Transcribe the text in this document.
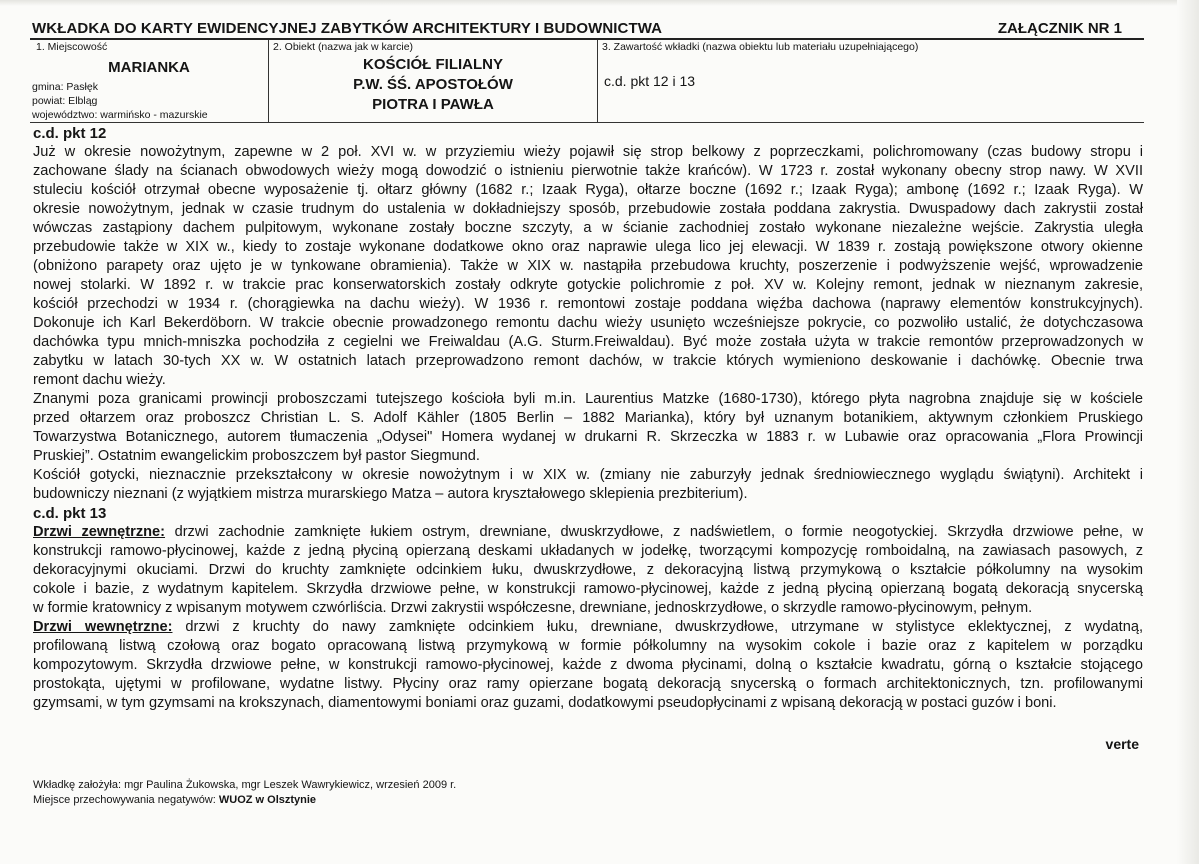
WKŁADKA DO KARTY EWIDENCYJNEJ ZABYTKÓW ARCHITEKTURY I BUDOWNICTWA	ZAŁĄCZNIK NR 1
1. Miejscowość
MARIANKA
gmina: Pasłęk
powiat: Elbląg
województwo: warmińsko - mazurskie
2. Obiekt (nazwa jak w karcie)
KOŚCIÓŁ FILIALNY
P.W. ŚŚ. APOSTOŁÓW
PIOTRA I PAWŁA
3. Zawartość wkładki (nazwa obiektu lub materiału uzupełniającego)
c.d. pkt 12 i 13
c.d. pkt 12
Już w okresie nowożytnym, zapewne w 2 poł. XVI w. w przyziemiu wieży pojawił się strop belkowy z poprzeczkami, polichromowany (czas budowy stropu i
zachowane ślady na ścianach obwodowych wieży mogą dowodzić o istnieniu pierwotnie także krańców). W 1723 r. został wykonany obecny strop nawy. W XVII
stuleciu kościół otrzymał obecne wyposażenie tj. ołtarz główny (1682 r.; Izaak Ryga), ołtarze boczne (1692 r.; Izaak Ryga); ambonę (1692 r.; Izaak Ryga). W
okresie nowożytnym, jednak w czasie trudnym do ustalenia w dokładniejszy sposób, przebudowie została poddana zakrystia. Dwuspadowy dach zakrystii został
wówczas zastąpiony dachem pulpitowym, wykonane zostały boczne szczyty, a w ścianie zachodniej zostało wykonane niezależne wejście. Zakrystia uległa
przebudowie także w XIX w., kiedy to zostaje wykonane dodatkowe okno oraz naprawie ulega lico jej elewacji. W 1839 r. zostają powiększone otwory okienne
(obniżono parapety oraz ujęto je w tynkowane obramienia). Także w XIX w. nastąpiła przebudowa kruchty, poszerzenie i podwyższenie wejść, wprowadzenie
nowej stolarki. W 1892 r. w trakcie prac konserwatorskich zostały odkryte gotyckie polichromie z poł. XV w. Kolejny remont, jednak w nieznanym zakresie,
kościół przechodzi w 1934 r. (chorągiewka na dachu wieży). W 1936 r. remontowi zostaje poddana więźba dachowa (naprawy elementów konstrukcyjnych).
Dokonuje ich Karl Bekerdöborn. W trakcie obecnie prowadzonego remontu dachu wieży usunięto wcześniejsze pokrycie, co pozwoliło ustalić, że dotychczasowa
dachówka typu mnich-mniszka pochodziła z cegielni we Freiwaldau (A.G. Sturm.Freiwaldau). Być może została użyta w trakcie remontów przeprowadzonych w
zabytku w latach 30-tych XX w. W ostatnich latach przeprowadzono remont dachów, w trakcie których wymieniono deskowanie i dachówkę. Obecnie trwa
remont dachu wieży.
Znanymi poza granicami prowincji proboszczami tutejszego kościoła byli m.in. Laurentius Matzke (1680-1730), którego płyta nagrobna znajduje się w kościele
przed ołtarzem oraz proboszcz Christian L. S. Adolf Kähler (1805 Berlin – 1882 Marianka), który był uznanym botanikiem, aktywnym członkiem Pruskiego
Towarzystwa Botanicznego, autorem tłumaczenia „Odysei" Homera wydanej w drukarni R. Skrzeczka w 1883 r. w Lubawie oraz opracowania „Flora Prowincji
Pruskiej”. Ostatnim ewangelickim proboszczem był pastor Siegmund.
Kościół gotycki, nieznacznie przekształcony w okresie nowożytnym i w XIX w. (zmiany nie zaburzyły jednak średniowiecznego wyglądu świątyni). Architekt i
budowniczy nieznani (z wyjątkiem mistrza murarskiego Matza – autora kryształowego sklepienia prezbiterium).
c.d. pkt 13
Drzwi zewnętrzne: drzwi zachodnie zamknięte łukiem ostrym, drewniane, dwuskrzydłowe, z nadświetlem, o formie neogotyckiej. Skrzydła drzwiowe pełne, w
konstrukcji ramowo-płycinowej, każde z jedną płyciną opierzaną deskami układanych w jodełkę, tworzącymi kompozycję romboidalną, na zawiasach pasowych, z
dekoracyjnymi okuciami. Drzwi do kruchty zamknięte odcinkiem łuku, dwuskrzydłowe, z dekoracyjną listwą przymykową o kształcie półkolumny na wysokim
cokole i bazie, z wydatnym kapitelem. Skrzydła drzwiowe pełne, w konstrukcji ramowo-płycinowej, każde z jedną płyciną opierzaną bogatą dekoracją snycerską
w formie kratownicy z wpisanym motywem czwórliścia. Drzwi zakrystii współczesne, drewniane, jednoskrzydłowe, o skrzydle ramowo-płycinowym, pełnym.
Drzwi wewnętrzne: drzwi z kruchty do nawy zamknięte odcinkiem łuku, drewniane, dwuskrzydłowe, utrzymane w stylistyce eklektycznej, z wydatną,
profilowaną listwą czołową oraz bogato opracowaną listwą przymykową w formie półkolumny na wysokim cokole i bazie oraz z kapitelem w porządku
kompozytowym. Skrzydła drzwiowe pełne, w konstrukcji ramowo-płycinowej, każde z dwoma płycinami, dolną o kształcie kwadratu, górną o kształcie stojącego
prostokąta, ujętymi w profilowane, wydatne listwy. Płyciny oraz ramy opierzane bogatą dekoracją snycerską o formach architektonicznych, tzn. profilowanymi
gzymsami, w tym gzymsami na krokszynach, diamentowymi boniami oraz guzami, dodatkowymi pseudopłycinami z wpisaną dekoracją w postaci guzów i boni.
verte
Wkładkę założyła: mgr Paulina Żukowska, mgr Leszek Wawrykiewicz, wrzesień 2009 r.
Miejsce przechowywania negatywów: WUOZ w Olsztynie
